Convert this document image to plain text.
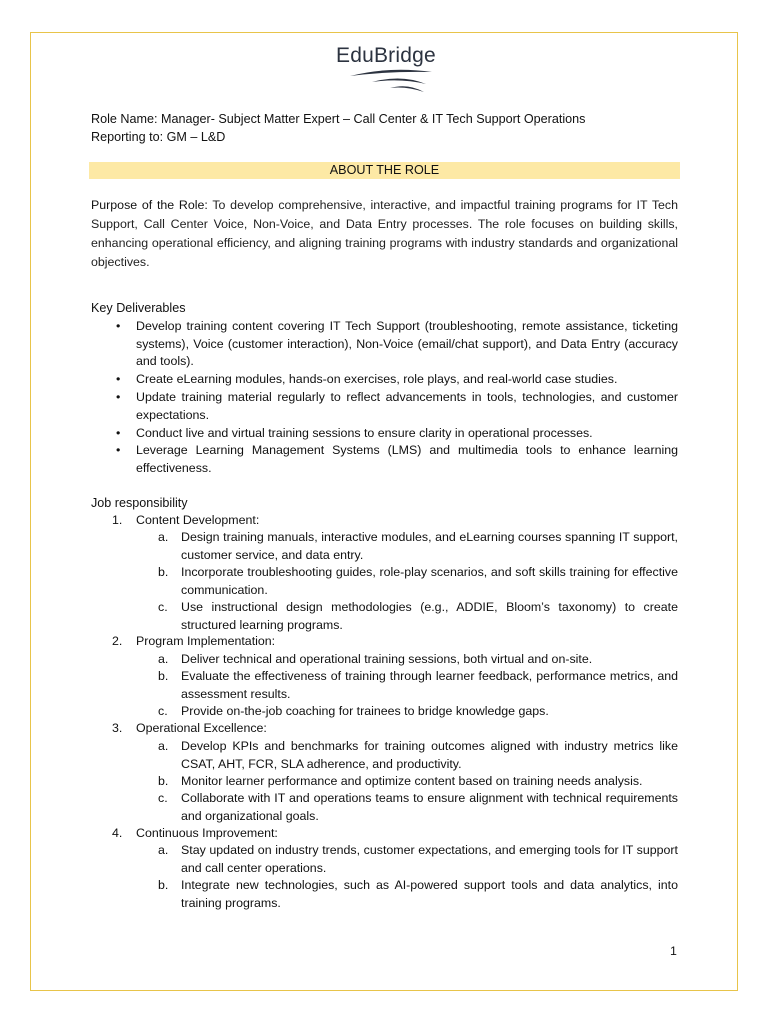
EduBridge
Role Name: Manager- Subject Matter Expert – Call Center & IT Tech Support Operations
Reporting to: GM – L&D
ABOUT THE ROLE
Purpose of the Role: To develop comprehensive, interactive, and impactful training programs for IT Tech Support, Call Center Voice, Non-Voice, and Data Entry processes. The role focuses on building skills, enhancing operational efficiency, and aligning training programs with industry standards and organizational objectives.
Key Deliverables
•	Develop training content covering IT Tech Support (troubleshooting, remote assistance, ticketing systems), Voice (customer interaction), Non-Voice (email/chat support), and Data Entry (accuracy and tools).
•	Create eLearning modules, hands-on exercises, role plays, and real-world case studies.
•	Update training material regularly to reflect advancements in tools, technologies, and customer expectations.
•	Conduct live and virtual training sessions to ensure clarity in operational processes.
•	Leverage Learning Management Systems (LMS) and multimedia tools to enhance learning effectiveness.
Job responsibility
1. Content Development:
a. Design training manuals, interactive modules, and eLearning courses spanning IT support, customer service, and data entry.
b. Incorporate troubleshooting guides, role-play scenarios, and soft skills training for effective communication.
c. Use instructional design methodologies (e.g., ADDIE, Bloom’s taxonomy) to create structured learning programs.
2. Program Implementation:
a. Deliver technical and operational training sessions, both virtual and on-site.
b. Evaluate the effectiveness of training through learner feedback, performance metrics, and assessment results.
c. Provide on-the-job coaching for trainees to bridge knowledge gaps.
3. Operational Excellence:
a. Develop KPIs and benchmarks for training outcomes aligned with industry metrics like CSAT, AHT, FCR, SLA adherence, and productivity.
b. Monitor learner performance and optimize content based on training needs analysis.
c. Collaborate with IT and operations teams to ensure alignment with technical requirements and organizational goals.
4. Continuous Improvement:
a. Stay updated on industry trends, customer expectations, and emerging tools for IT support and call center operations.
b. Integrate new technologies, such as AI-powered support tools and data analytics, into training programs.
1
